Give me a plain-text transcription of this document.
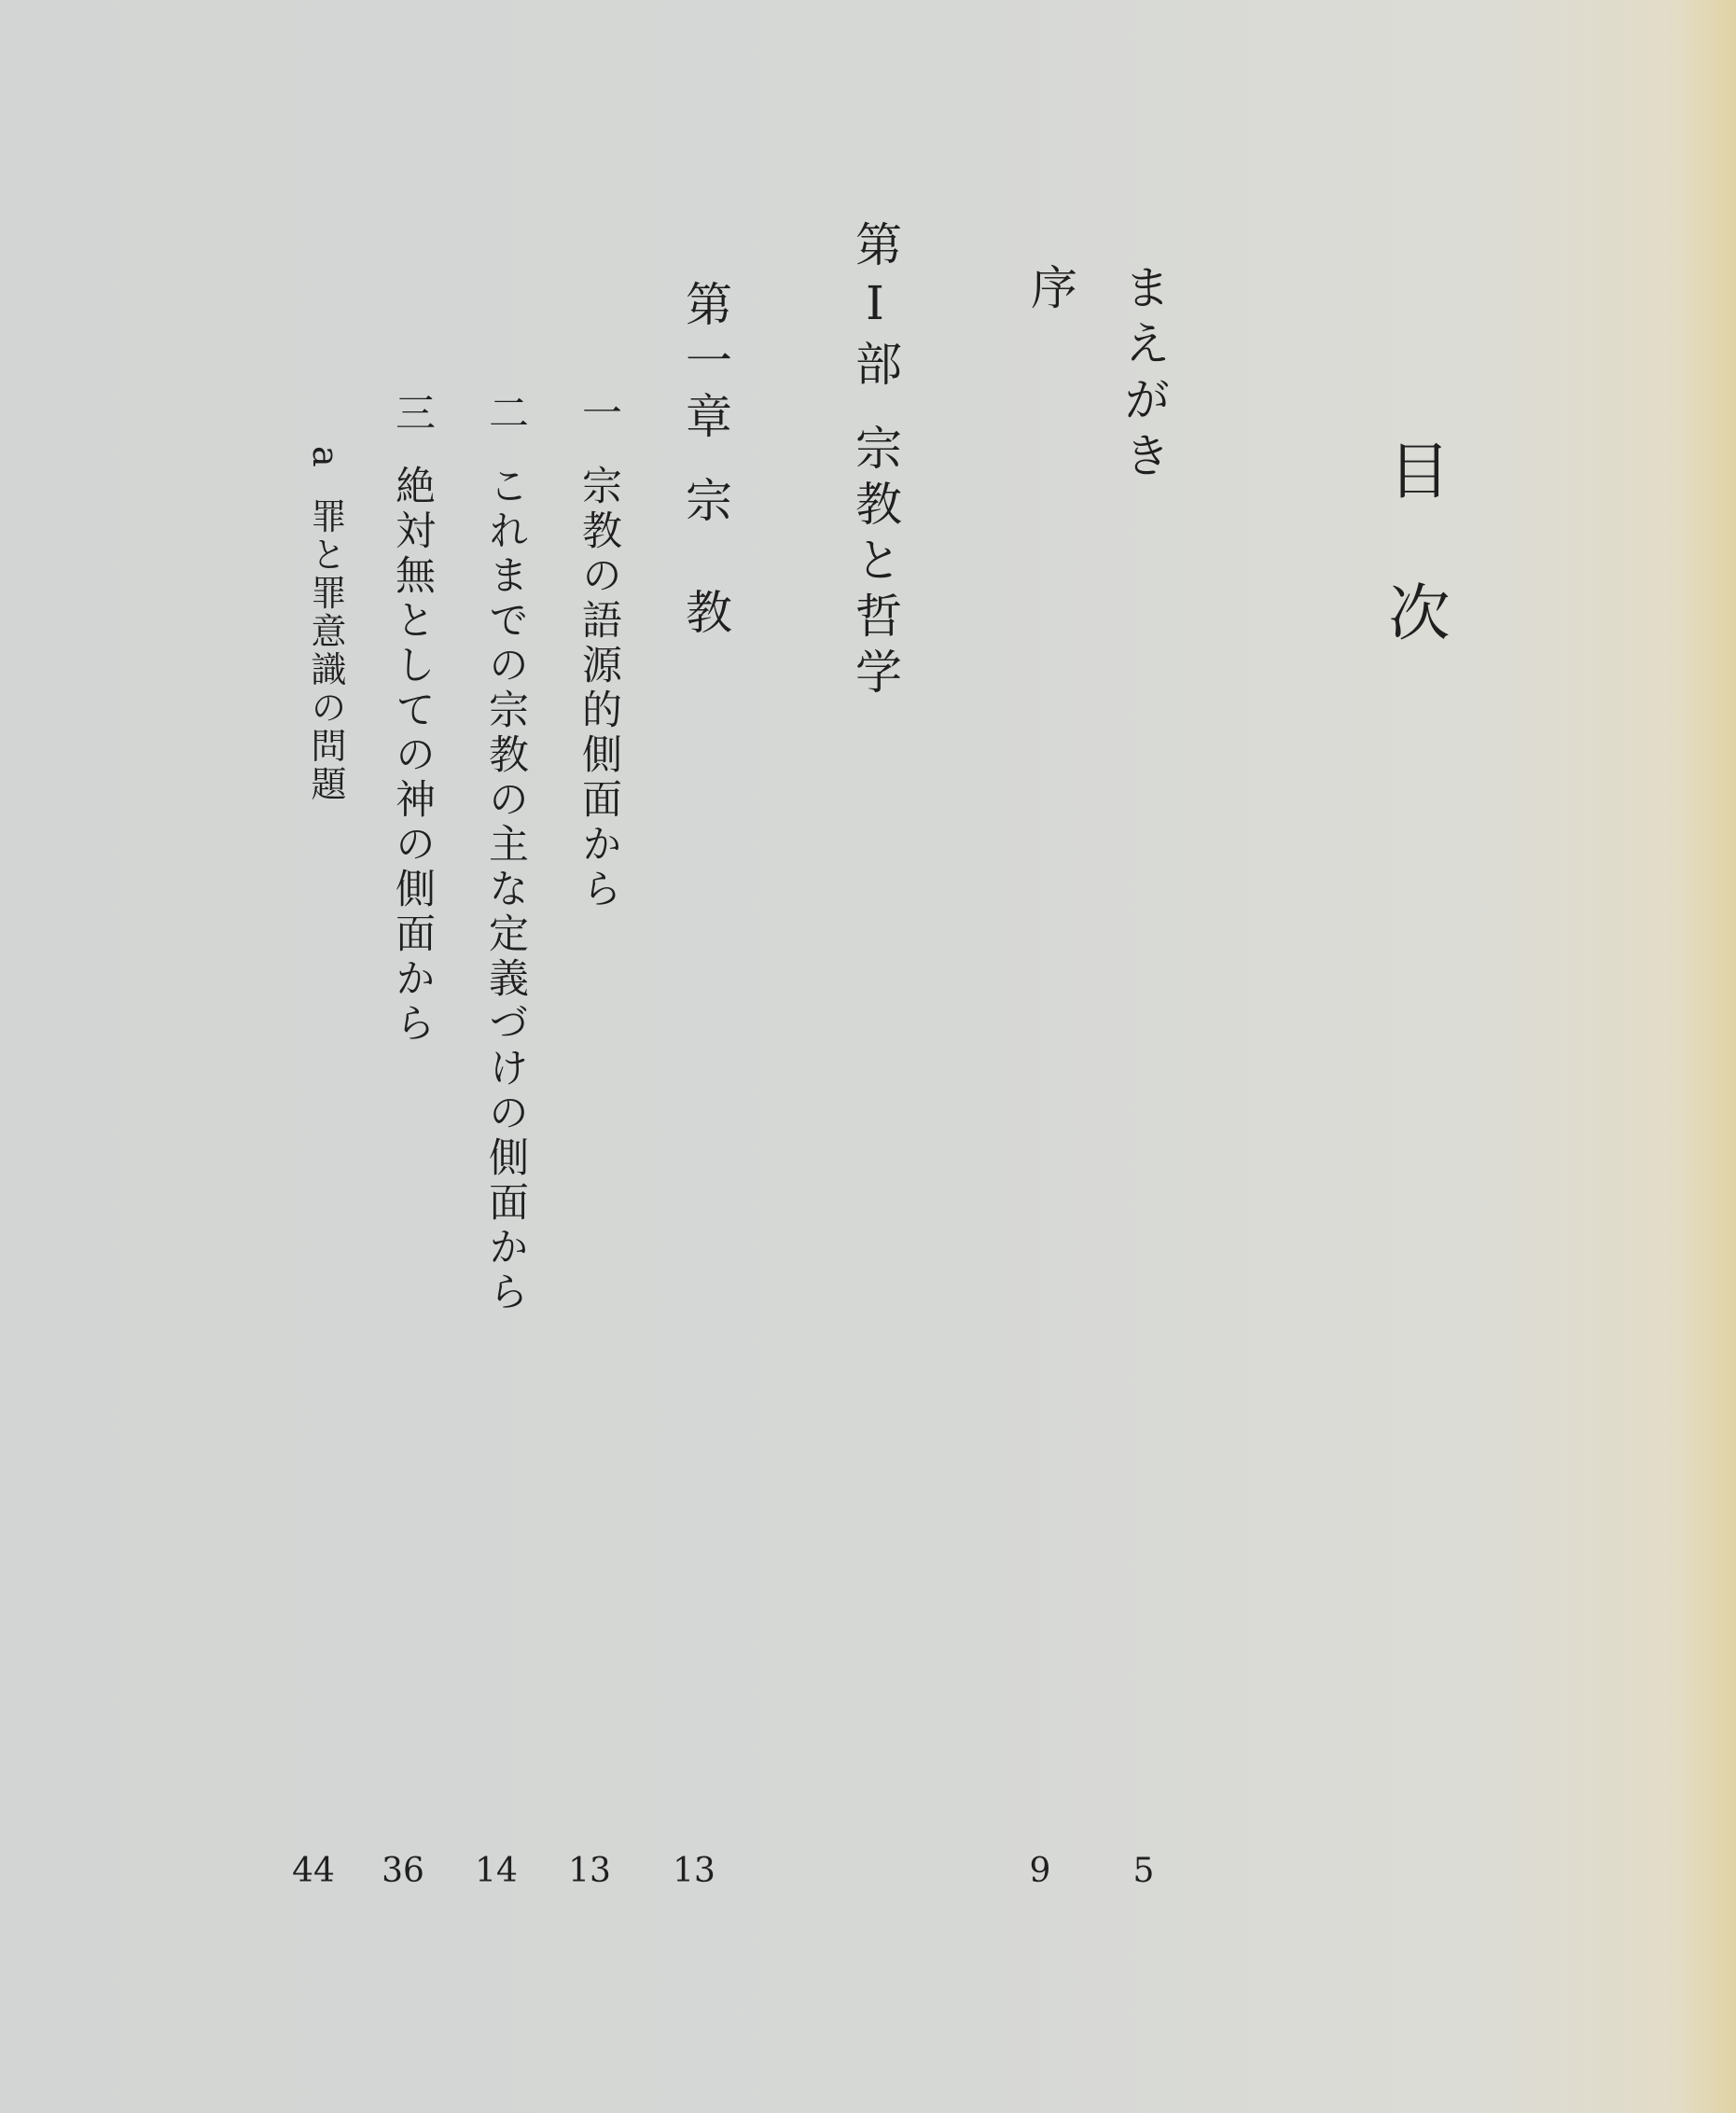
目次
まえがき
序
第Ⅰ部宗教と哲学
第一章宗　教
一宗教の語源的側面から
二これまでの宗教の主な定義づけの側面から
三絶対無としての神の側面から
a罪と罪意識の問題
5
9
13
13
14
36
44
